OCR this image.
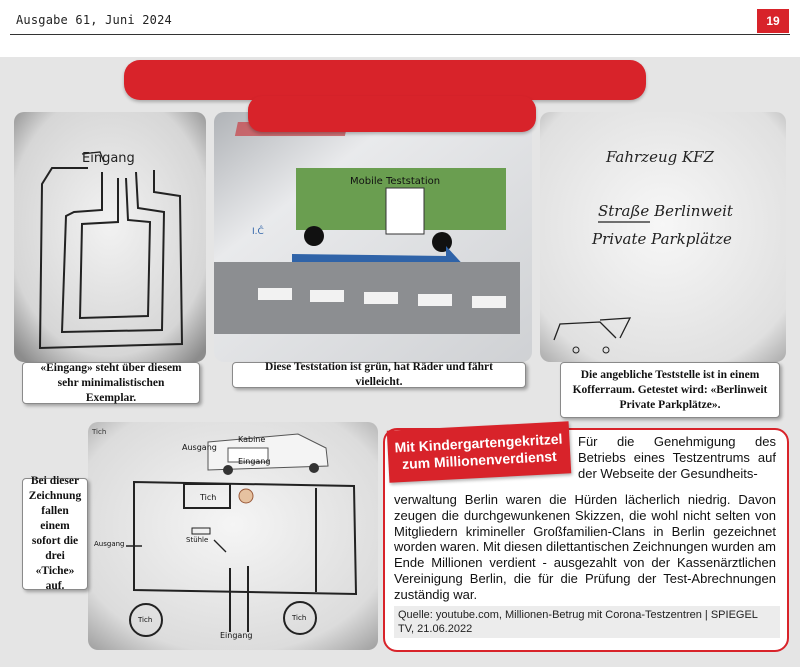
Ausgabe 61, Juni 2024	19
Eingang
Mobile Teststation
I.Ĉ
Fahrzeug KFZ
Straße Berlinweit
Private Parkplätze
«Eingang» steht über diesem sehr minimalistischen Exemplar.
Diese Teststation ist grün, hat Räder und fährt vielleicht.
Die angebliche Teststelle ist in einem Kofferraum. Getestet wird: «Berlinweit Private Parkplätze».
Tich
Ausgang
Kabine
Eingang
Tich
Stühle
Ausgang
Eingang
Tich	Tich
Bei dieser Zeichnung fallen einem sofort die drei «Tiche» auf.
Mit Kindergartengekritzel zum Millionenverdienst
Für die Genehmigung des Betriebs eines Testzentrums auf der Webseite der Gesundheits-
verwaltung Berlin waren die Hürden lächerlich niedrig. Davon zeugen die durchgewunkenen Skizzen, die wohl nicht selten von Mitgliedern krimineller Großfamilien-Clans in Berlin gezeichnet worden waren. Mit diesen dilettantischen Zeichnungen wurden am Ende Millionen verdient - ausgezahlt von der Kassenärztlichen Vereinigung Berlin, die für die Prüfung der Test-Abrechnungen zuständig war.
Quelle: youtube.com, Millionen-Betrug mit Corona-Testzentren | SPIEGEL TV, 21.06.2022
